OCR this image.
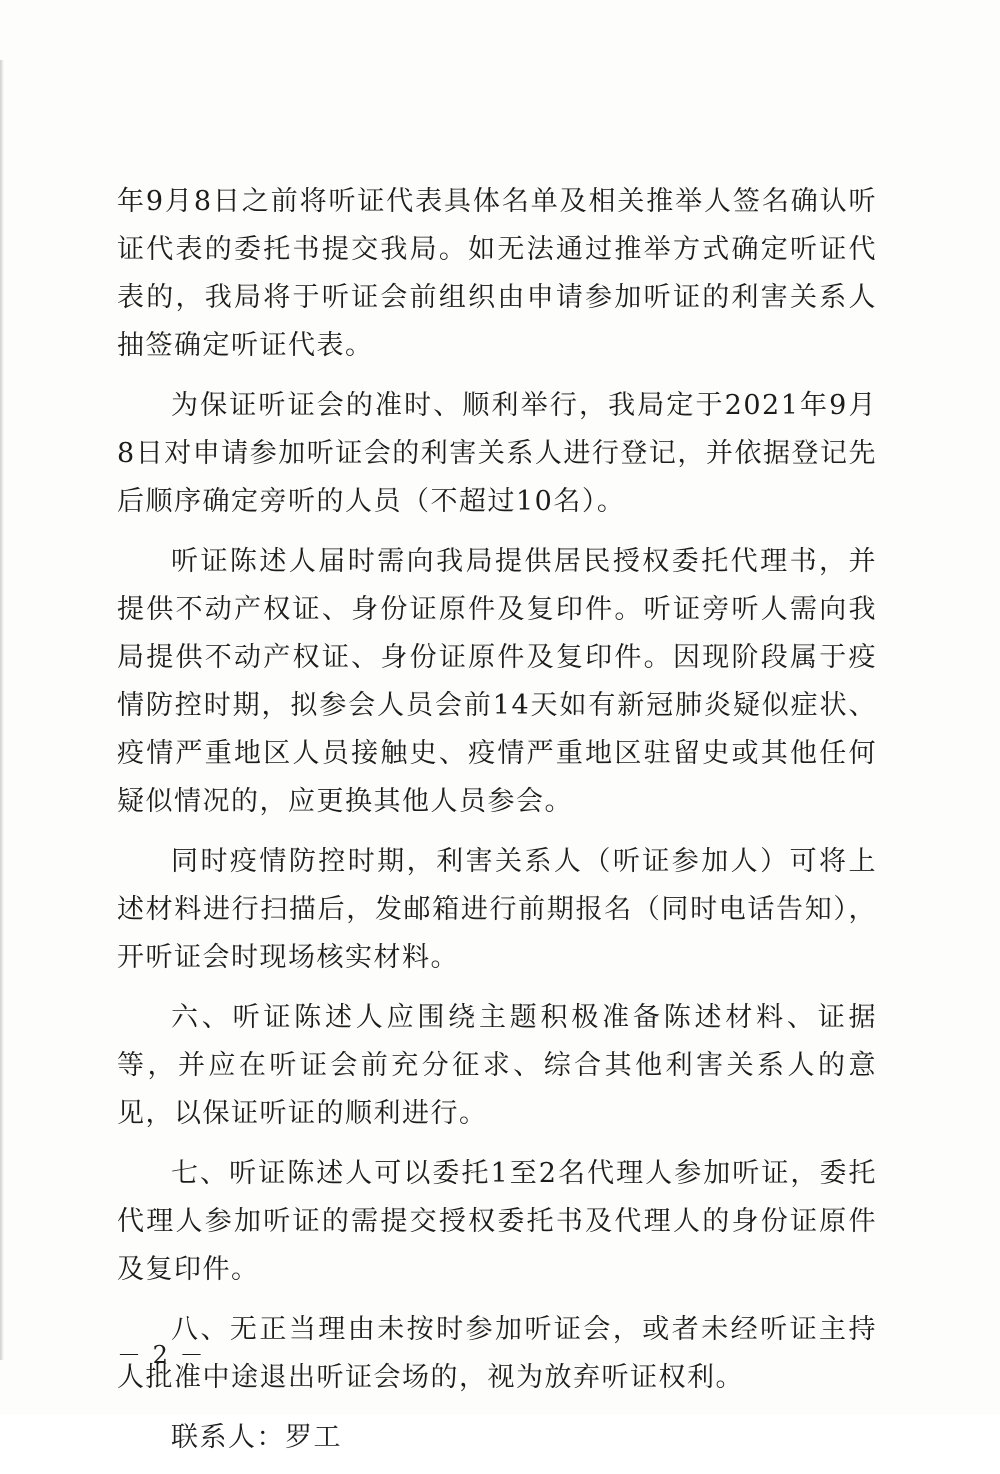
年9月8日之前将听证代表具体名单及相关推举人签名确认听证代表的委托书提交我局。如无法通过推举方式确定听证代表的，我局将于听证会前组织由申请参加听证的利害关系人抽签确定听证代表。

为保证听证会的准时、顺利举行，我局定于2021年9月8日对申请参加听证会的利害关系人进行登记，并依据登记先后顺序确定旁听的人员（不超过10名）。

听证陈述人届时需向我局提供居民授权委托代理书，并提供不动产权证、身份证原件及复印件。听证旁听人需向我局提供不动产权证、身份证原件及复印件。因现阶段属于疫情防控时期，拟参会人员会前14天如有新冠肺炎疑似症状、疫情严重地区人员接触史、疫情严重地区驻留史或其他任何疑似情况的，应更换其他人员参会。

同时疫情防控时期，利害关系人（听证参加人）可将上述材料进行扫描后，发邮箱进行前期报名（同时电话告知），开听证会时现场核实材料。

六、听证陈述人应围绕主题积极准备陈述材料、证据等，并应在听证会前充分征求、综合其他利害关系人的意见，以保证听证的顺利进行。

七、听证陈述人可以委托1至2名代理人参加听证，委托代理人参加听证的需提交授权委托书及代理人的身份证原件及复印件。

八、无正当理由未按时参加听证会，或者未经听证主持人批准中途退出听证会场的，视为放弃听证权利。

联系人：罗工

－ 2 －
